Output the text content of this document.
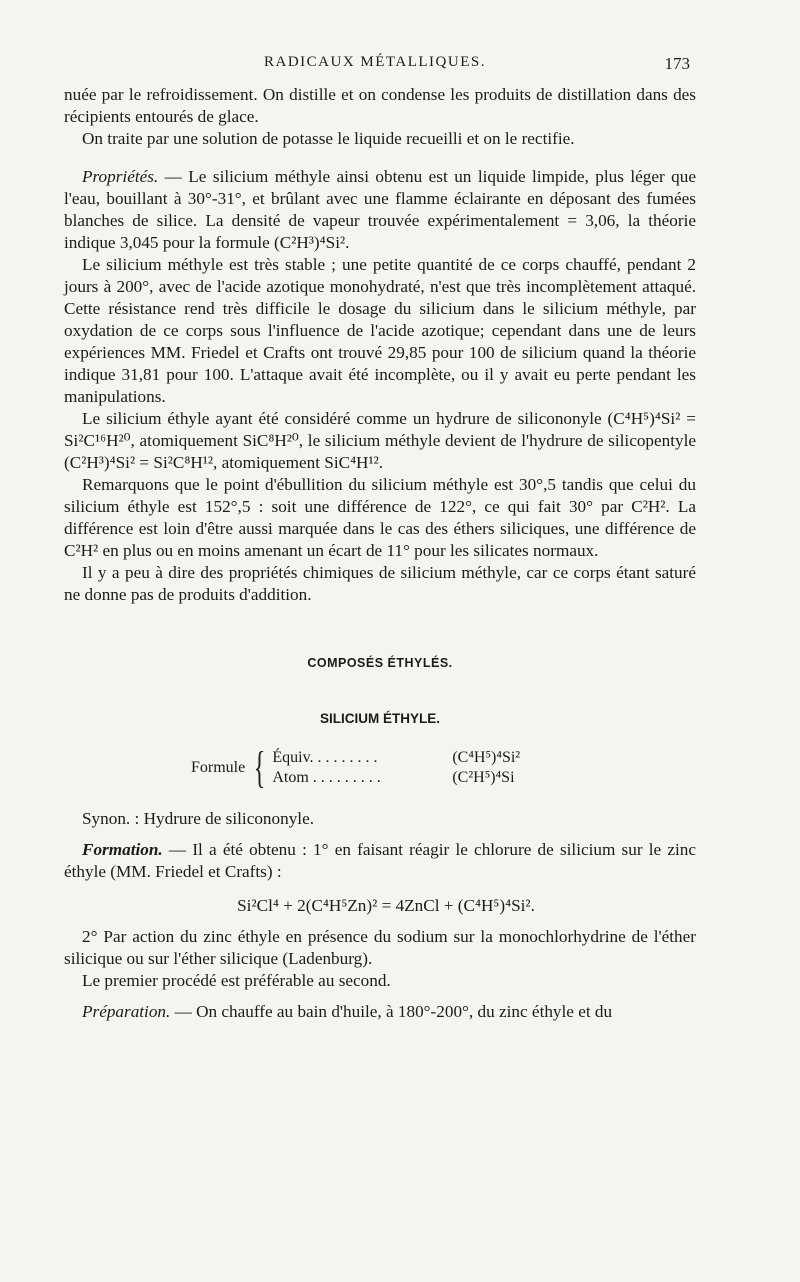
RADICAUX MÉTALLIQUES.	173

nuée par le refroidissement. On distille et on condense les produits de distillation dans des récipients entourés de glace.

On traite par une solution de potasse le liquide recueilli et on le rectifie.

Propriétés. — Le silicium méthyle ainsi obtenu est un liquide limpide, plus léger que l'eau, bouillant à 30°-31°, et brûlant avec une flamme éclairante en déposant des fumées blanches de silice. La densité de vapeur trouvée expérimentalement = 3,06, la théorie indique 3,045 pour la formule (C²H³)⁴Si².

Le silicium méthyle est très stable ; une petite quantité de ce corps chauffé, pendant 2 jours à 200°, avec de l'acide azotique monohydraté, n'est que très incomplètement attaqué. Cette résistance rend très difficile le dosage du silicium dans le silicium méthyle, par oxydation de ce corps sous l'influence de l'acide azotique; cependant dans une de leurs expériences MM. Friedel et Crafts ont trouvé 29,85 pour 100 de silicium quand la théorie indique 31,81 pour 100. L'attaque avait été incomplète, ou il y avait eu perte pendant les manipulations.

Le silicium éthyle ayant été considéré comme un hydrure de silicononyle (C⁴H⁵)⁴Si² = Si²C¹⁶H²⁰, atomiquement SiC⁸H²⁰, le silicium méthyle devient de l'hydrure de silicopentyle (C²H³)⁴Si² = Si²C⁸H¹², atomiquement SiC⁴H¹².

Remarquons que le point d'ébullition du silicium méthyle est 30°,5 tandis que celui du silicium éthyle est 152°,5 : soit une différence de 122°, ce qui fait 30° par C²H². La différence est loin d'être aussi marquée dans le cas des éthers siliciques, une différence de C²H² en plus ou en moins amenant un écart de 11° pour les silicates normaux.

Il y a peu à dire des propriétés chimiques de silicium méthyle, car ce corps étant saturé ne donne pas de produits d'addition.

COMPOSÉS ÉTHYLÉS.
SILICIUM ÉTHYLE.
Formule { Équiv. . . . . . . . .	(C⁴H⁵)⁴Si²
Atom . . . . . . . . .	(C²H⁵)⁴Si

Synon. : Hydrure de silicononyle.

Formation. — Il a été obtenu : 1° en faisant réagir le chlorure de silicium sur le zinc éthyle (MM. Friedel et Crafts) :

Si²Cl⁴ + 2(C⁴H⁵Zn)² = 4ZnCl + (C⁴H⁵)⁴Si².

2° Par action du zinc éthyle en présence du sodium sur la monochlorhydrine de l'éther silicique ou sur l'éther silicique (Ladenburg).

Le premier procédé est préférable au second.

Préparation. — On chauffe au bain d'huile, à 180°-200°, du zinc éthyle et du
